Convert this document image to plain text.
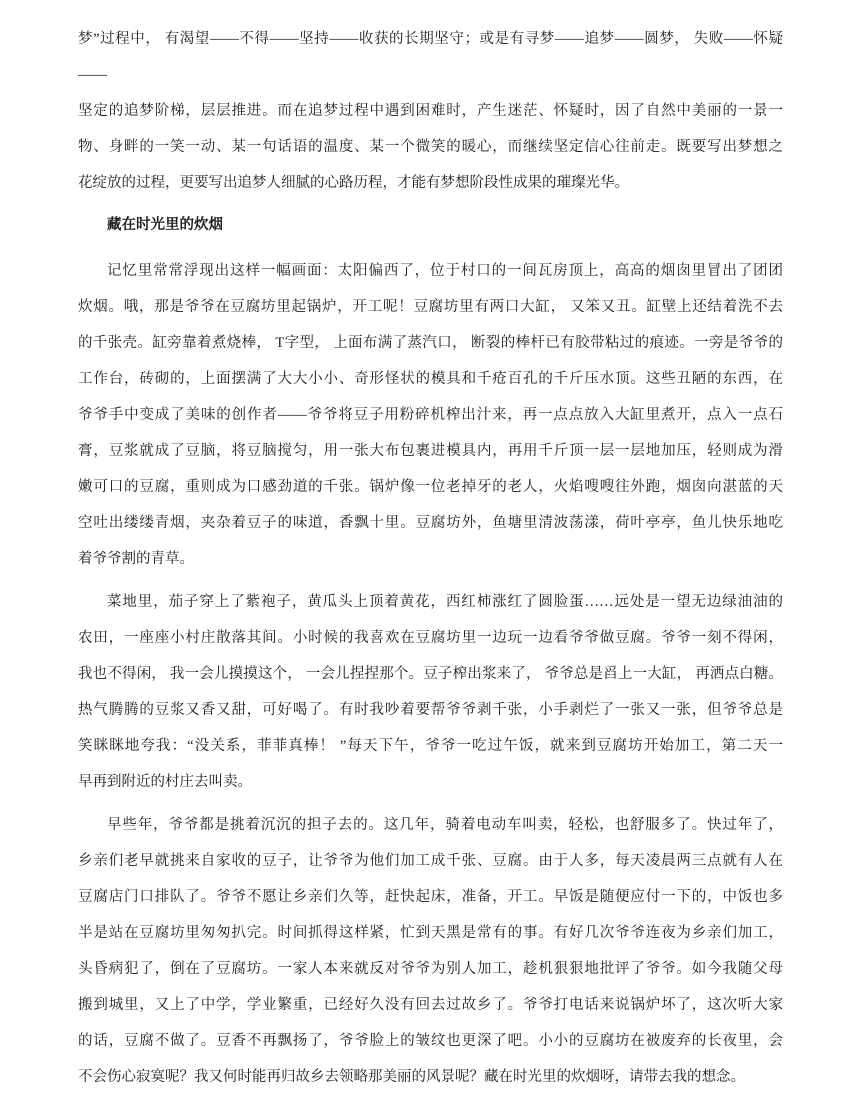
梦”过程中， 有渴望——不得——坚持——收获的长期坚守；或是有寻梦——追梦——圆梦， 失败——怀疑——
坚定的追梦阶梯，层层推进。而在追梦过程中遇到困难时，产生迷茫、怀疑时，因了自然中美丽的一景一
物、身畔的一笑一动、某一句话语的温度、某一个微笑的暖心，而继续坚定信心往前走。既要写出梦想之
花绽放的过程，更要写出追梦人细腻的心路历程，才能有梦想阶段性成果的璀璨光华。
藏在时光里的炊烟
记忆里常常浮现出这样一幅画面：太阳偏西了，位于村口的一间瓦房顶上，高高的烟囱里冒出了团团
炊烟。哦，那是爷爷在豆腐坊里起锅炉，开工呢！豆腐坊里有两口大缸， 又笨又丑。缸壁上还结着洗不去
的千张壳。缸旁靠着煮烧棒， T字型， 上面布满了蒸汽口， 断裂的棒杆已有胶带粘过的痕迹。一旁是爷爷的
工作台，砖砌的，上面摆满了大大小小、奇形怪状的模具和千疮百孔的千斤压水顶。这些丑陋的东西，在
爷爷手中变成了美味的创作者——爷爷将豆子用粉碎机榨出汁来，再一点点放入大缸里煮开，点入一点石
膏，豆浆就成了豆脑，将豆脑搅匀，用一张大布包裹进模具内，再用千斤顶一层一层地加压，轻则成为滑
嫩可口的豆腐，重则成为口感劲道的千张。锅炉像一位老掉牙的老人，火焰嗖嗖往外跑，烟囱向湛蓝的天
空吐出缕缕青烟，夹杂着豆子的味道，香飘十里。豆腐坊外，鱼塘里清波荡漾，荷叶亭亭，鱼儿快乐地吃
着爷爷割的青草。
菜地里，茄子穿上了紫袍子，黄瓜头上顶着黄花，西红柿涨红了圆脸蛋……远处是一望无边绿油油的
农田，一座座小村庄散落其间。小时候的我喜欢在豆腐坊里一边玩一边看爷爷做豆腐。爷爷一刻不得闲，
我也不得闲， 我一会儿摸摸这个， 一会儿捏捏那个。豆子榨出浆来了， 爷爷总是舀上一大缸， 再洒点白糖。
热气腾腾的豆浆又香又甜，可好喝了。有时我吵着要帮爷爷剥千张，小手剥烂了一张又一张，但爷爷总是
笑眯眯地夸我：“没关系，菲菲真棒！ ”每天下午，爷爷一吃过午饭，就来到豆腐坊开始加工，第二天一
早再到附近的村庄去叫卖。
早些年，爷爷都是挑着沉沉的担子去的。这几年，骑着电动车叫卖，轻松，也舒服多了。快过年了，
乡亲们老早就挑来自家收的豆子，让爷爷为他们加工成千张、豆腐。由于人多，每天凌晨两三点就有人在
豆腐店门口排队了。爷爷不愿让乡亲们久等，赶快起床，准备，开工。早饭是随便应付一下的，中饭也多
半是站在豆腐坊里匆匆扒完。时间抓得这样紧，忙到天黑是常有的事。有好几次爷爷连夜为乡亲们加工，
头昏病犯了，倒在了豆腐坊。一家人本来就反对爷爷为别人加工，趁机狠狠地批评了爷爷。如今我随父母
搬到城里，又上了中学，学业繁重，已经好久没有回去过故乡了。爷爷打电话来说锅炉坏了，这次听大家
的话，豆腐不做了。豆香不再飘扬了，爷爷脸上的皱纹也更深了吧。小小的豆腐坊在被废弃的长夜里，会
不会伤心寂寞呢？我又何时能再归故乡去领略那美丽的风景呢？藏在时光里的炊烟呀，请带去我的想念。
